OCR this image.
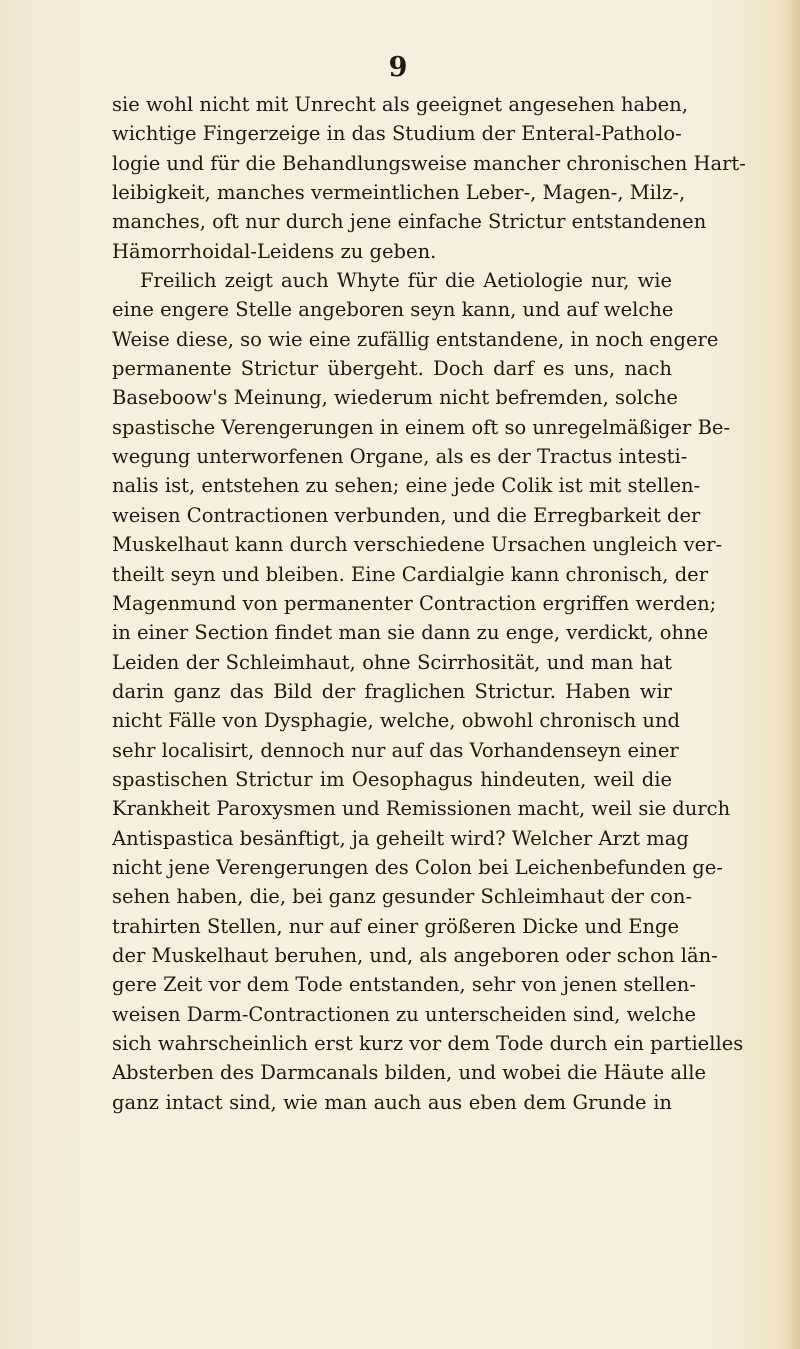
9
sie wohl nicht mit Unrecht als geeignet angesehen haben,
wichtige Fingerzeige in das Studium der Enteral-Patholo-
logie und für die Behandlungsweise mancher chronischen Hart-
leibigkeit, manches vermeintlichen Leber-, Magen-, Milz-,
manches, oft nur durch jene einfache Strictur entstandenen
Hämorrhoidal-Leidens zu geben.
Freilich zeigt auch Whyte für die Aetiologie nur, wie
eine engere Stelle angeboren seyn kann, und auf welche
Weise diese, so wie eine zufällig entstandene, in noch engere
permanente Strictur übergeht. Doch darf es uns, nach
Baseboow's Meinung, wiederum nicht befremden, solche
spastische Verengerungen in einem oft so unregelmäßiger Be-
wegung unterworfenen Organe, als es der Tractus intesti-
nalis ist, entstehen zu sehen; eine jede Colik ist mit stellen-
weisen Contractionen verbunden, und die Erregbarkeit der
Muskelhaut kann durch verschiedene Ursachen ungleich ver-
theilt seyn und bleiben. Eine Cardialgie kann chronisch, der
Magenmund von permanenter Contraction ergriffen werden;
in einer Section findet man sie dann zu enge, verdickt, ohne
Leiden der Schleimhaut, ohne Scirrhosität, und man hat
darin ganz das Bild der fraglichen Strictur. Haben wir
nicht Fälle von Dysphagie, welche, obwohl chronisch und
sehr localisirt, dennoch nur auf das Vorhandenseyn einer
spastischen Strictur im Oesophagus hindeuten, weil die
Krankheit Paroxysmen und Remissionen macht, weil sie durch
Antispastica besänftigt, ja geheilt wird? Welcher Arzt mag
nicht jene Verengerungen des Colon bei Leichenbefunden ge-
sehen haben, die, bei ganz gesunder Schleimhaut der con-
trahirten Stellen, nur auf einer größeren Dicke und Enge
der Muskelhaut beruhen, und, als angeboren oder schon län-
gere Zeit vor dem Tode entstanden, sehr von jenen stellen-
weisen Darm-Contractionen zu unterscheiden sind, welche
sich wahrscheinlich erst kurz vor dem Tode durch ein partielles
Absterben des Darmcanals bilden, und wobei die Häute alle
ganz intact sind, wie man auch aus eben dem Grunde in
